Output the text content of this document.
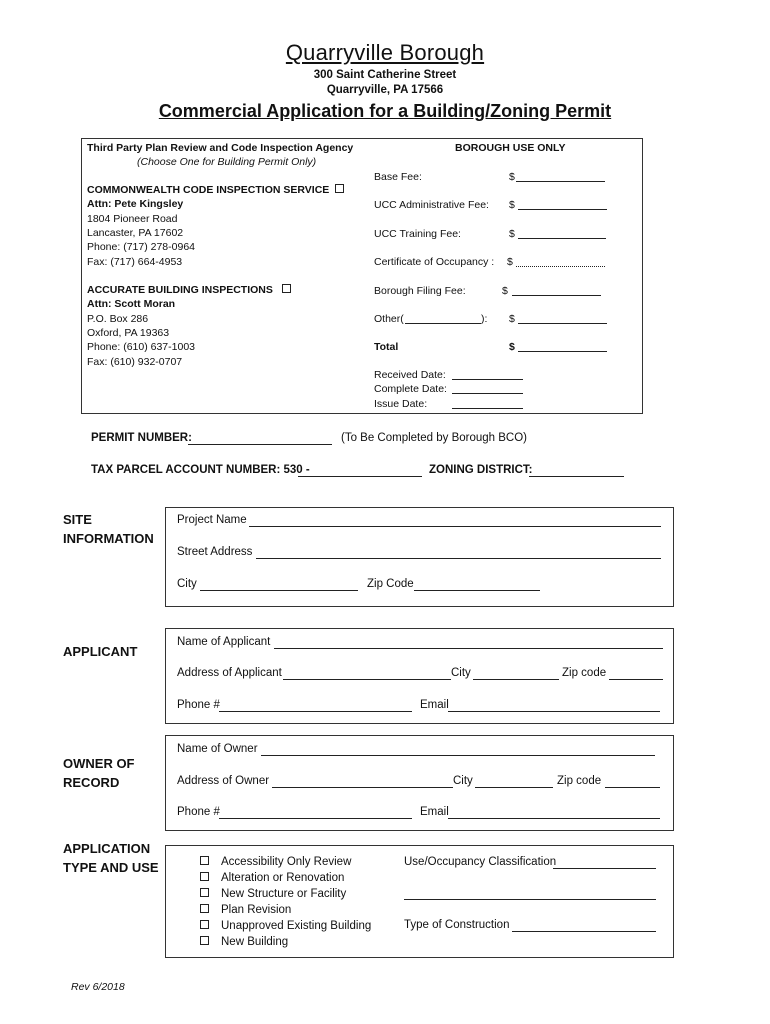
Quarryville Borough
300 Saint Catherine Street
Quarryville, PA 17566
Commercial Application for a Building/Zoning Permit
Third Party Plan Review and Code Inspection Agency
(Choose One for Building Permit Only)
COMMONWEALTH CODE INSPECTION SERVICE
Attn: Pete Kingsley
1804 Pioneer Road
Lancaster, PA 17602
Phone: (717) 278-0964
Fax: (717) 664-4953
ACCURATE BUILDING INSPECTIONS
Attn: Scott Moran
P.O. Box 286
Oxford, PA 19363
Phone: (610) 637-1003
Fax: (610) 932-0707
BOROUGH USE ONLY
Base Fee:	$
UCC Administrative Fee: $
UCC Training Fee:	$
Certificate of Occupancy : $
Borough Filing Fee:	$
Other(	): $
Total	$
Received Date:
Complete Date:
Issue Date:
PERMIT NUMBER:	(To Be Completed by Borough BCO)
TAX PARCEL ACCOUNT NUMBER: 530 -	ZONING DISTRICT:
SITE
INFORMATION
Project Name
Street Address
City	Zip Code
APPLICANT
Name of Applicant
Address of Applicant	City	Zip code
Phone #	Email
OWNER OF
RECORD
Name of Owner
Address of Owner	City	Zip code
Phone #	Email
APPLICATION
TYPE AND USE	Accessibility Only Review
Alteration or Renovation
New Structure or Facility
Plan Revision
Unapproved Existing Building
New Building
Use/Occupancy Classification
Type of Construction
Rev 6/2018
